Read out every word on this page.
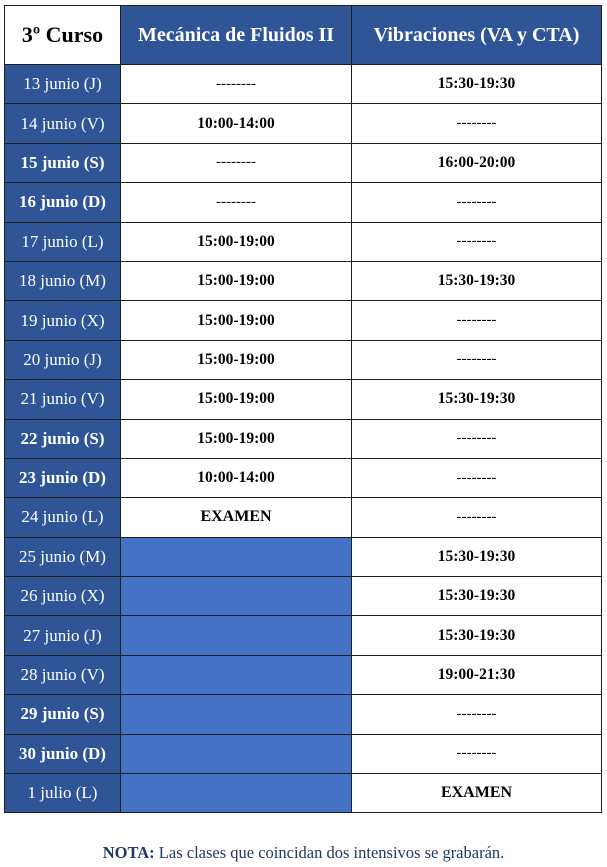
3º Curso	Mecánica de Fluidos II	Vibraciones (VA y CTA)
13 junio (J)	--------	15:30-19:30
14 junio (V)	10:00-14:00	--------
15 junio (S)	--------	16:00-20:00
16 junio (D)	--------	--------
17 junio (L)	15:00-19:00	--------
18 junio (M)	15:00-19:00	15:30-19:30
19 junio (X)	15:00-19:00	--------
20 junio (J)	15:00-19:00	--------
21 junio (V)	15:00-19:00	15:30-19:30
22 junio (S)	15:00-19:00	--------
23 junio (D)	10:00-14:00	--------
24 junio (L)	EXAMEN	--------
25 junio (M)		15:30-19:30
26 junio (X)		15:30-19:30
27 junio (J)		15:30-19:30
28 junio (V)		19:00-21:30
29 junio (S)		--------
30 junio (D)		--------
1 julio (L)		EXAMEN
NOTA: Las clases que coincidan dos intensivos se grabarán.
